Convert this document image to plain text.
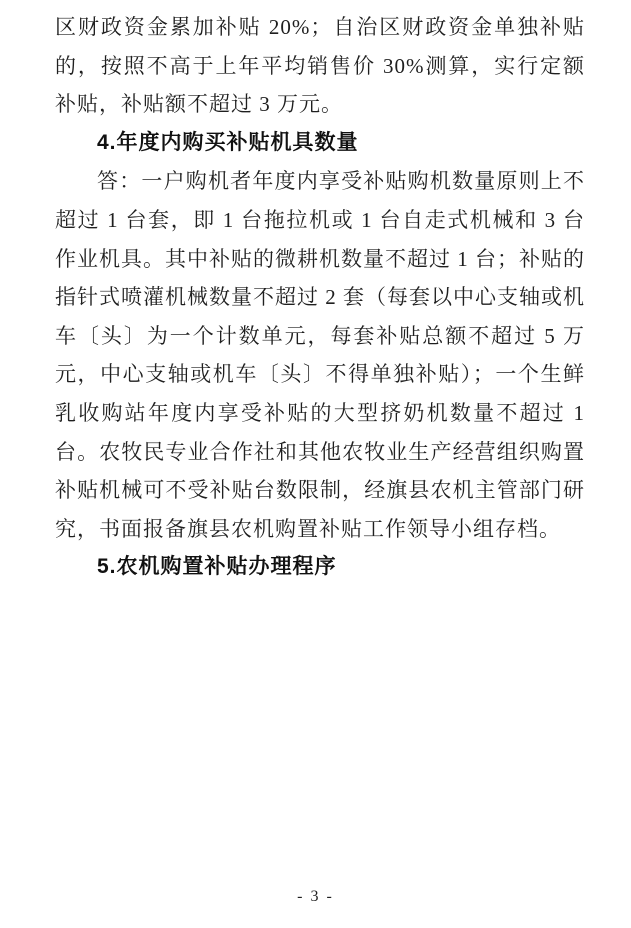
区财政资金累加补贴 20%；自治区财政资金单独补贴的，按照不高于上年平均销售价 30%测算，实行定额补贴，补贴额不超过 3 万元。

4.年度内购买补贴机具数量

答：一户购机者年度内享受补贴购机数量原则上不超过 1 台套，即 1 台拖拉机或 1 台自走式机械和 3 台作业机具。其中补贴的微耕机数量不超过 1 台；补贴的指针式喷灌机械数量不超过 2 套（每套以中心支轴或机车〔头〕为一个计数单元，每套补贴总额不超过 5 万元，中心支轴或机车〔头〕不得单独补贴）；一个生鲜乳收购站年度内享受补贴的大型挤奶机数量不超过 1 台。农牧民专业合作社和其他农牧业生产经营组织购置补贴机械可不受补贴台数限制，经旗县农机主管部门研究，书面报备旗县农机购置补贴工作领导小组存档。

5.农机购置补贴办理程序
- 3 -
